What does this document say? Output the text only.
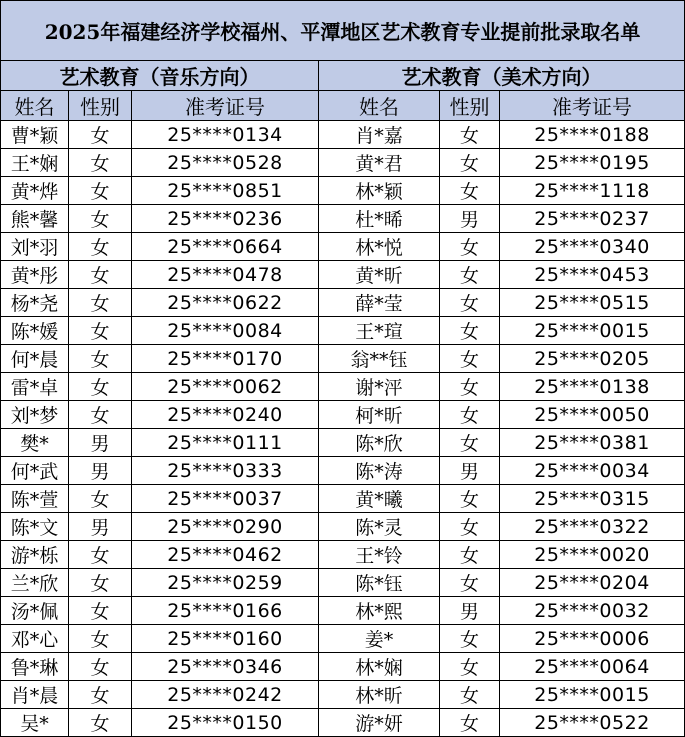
2025年福建经济学校福州、平潭地区艺术教育专业提前批录取名单					
艺术教育（音乐方向）			艺术教育（美术方向）		
姓名	性别	准考证号	姓名	性别	准考证号
曹*颖	女	25****0134	肖*嘉	女	25****0188
王*娴	女	25****0528	黄*君	女	25****0195
黄*烨	女	25****0851	林*颖	女	25****1118
熊*馨	女	25****0236	杜*晞	男	25****0237
刘*羽	女	25****0664	林*悦	女	25****0340
黄*彤	女	25****0478	黄*昕	女	25****0453
杨*尧	女	25****0622	薛*莹	女	25****0515
陈*媛	女	25****0084	王*瑄	女	25****0015
何*晨	女	25****0170	翁**钰	女	25****0205
雷*卓	女	25****0062	谢*泙	女	25****0138
刘*梦	女	25****0240	柯*昕	女	25****0050
樊*	男	25****0111	陈*欣	女	25****0381
何*武	男	25****0333	陈*涛	男	25****0034
陈*萱	女	25****0037	黄*曦	女	25****0315
陈*文	男	25****0290	陈*灵	女	25****0322
游*栎	女	25****0462	王*铃	女	25****0020
兰*欣	女	25****0259	陈*钰	女	25****0204
汤*佩	女	25****0166	林*熙	男	25****0032
邓*心	女	25****0160	姜*	女	25****0006
鲁*琳	女	25****0346	林*娴	女	25****0064
肖*晨	女	25****0242	林*昕	女	25****0015
吴*	女	25****0150	游*妍	女	25****0522
